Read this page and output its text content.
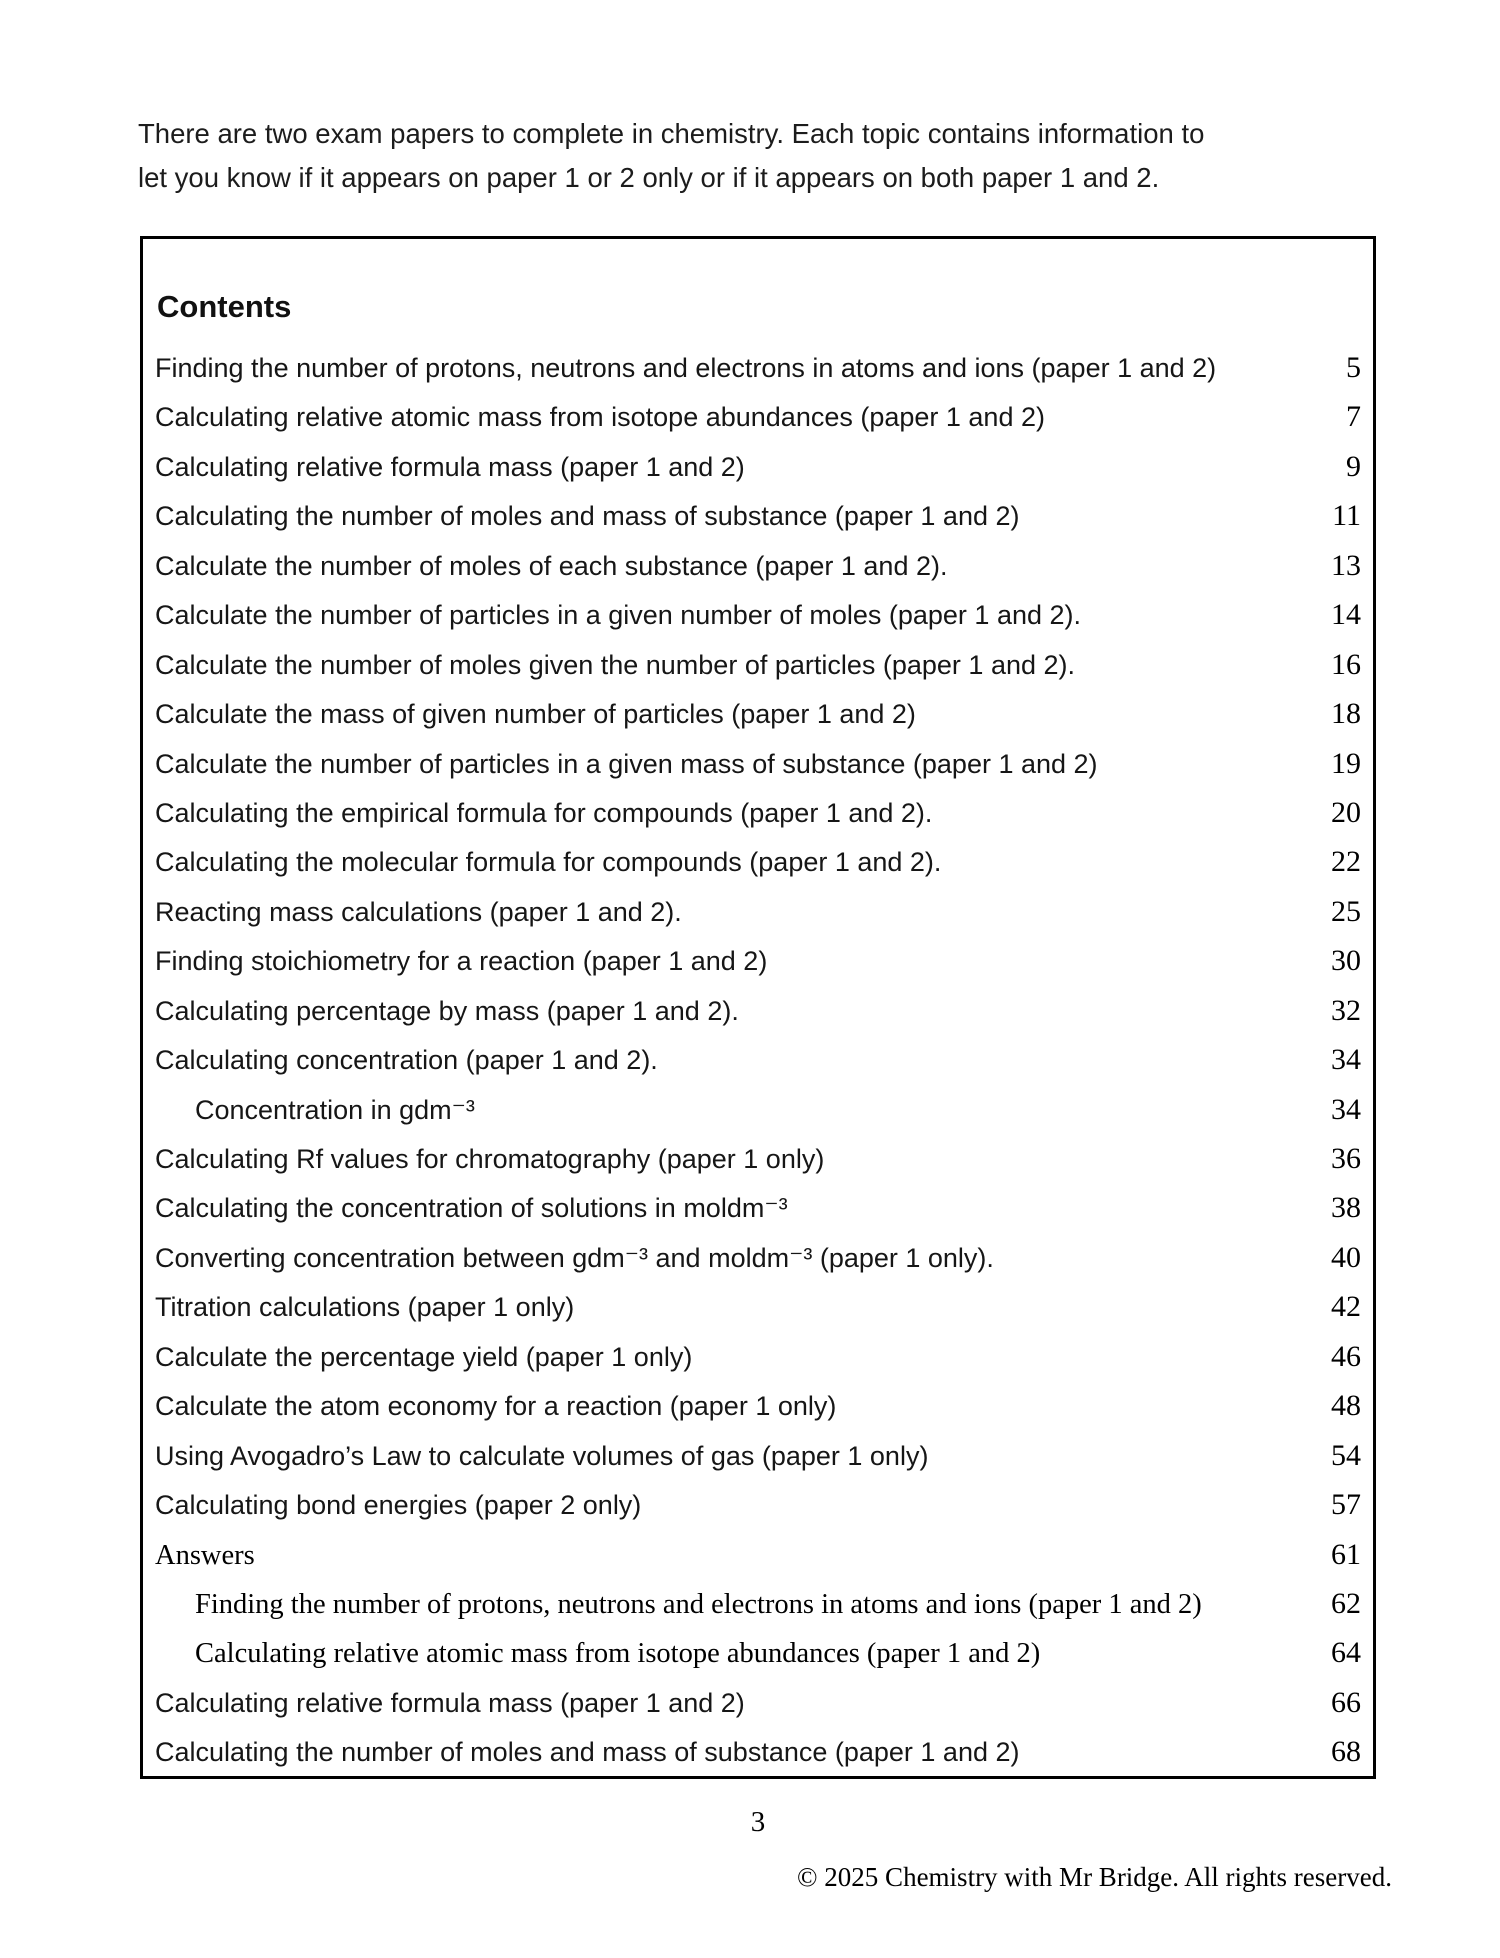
There are two exam papers to complete in chemistry. Each topic contains information to
let you know if it appears on paper 1 or 2 only or if it appears on both paper 1 and 2.
Contents
Finding the number of protons, neutrons and electrons in atoms and ions (paper 1 and 2)	5
Calculating relative atomic mass from isotope abundances (paper 1 and 2)	7
Calculating relative formula mass (paper 1 and 2)	9
Calculating the number of moles and mass of substance (paper 1 and 2)	11
Calculate the number of moles of each substance (paper 1 and 2).	13
Calculate the number of particles in a given number of moles (paper 1 and 2).	14
Calculate the number of moles given the number of particles (paper 1 and 2).	16
Calculate the mass of given number of particles (paper 1 and 2)	18
Calculate the number of particles in a given mass of substance (paper 1 and 2)	19
Calculating the empirical formula for compounds (paper 1 and 2).	20
Calculating the molecular formula for compounds (paper 1 and 2).	22
Reacting mass calculations (paper 1 and 2).	25
Finding stoichiometry for a reaction (paper 1 and 2)	30
Calculating percentage by mass (paper 1 and 2).	32
Calculating concentration (paper 1 and 2).	34
Concentration in gdm⁻³	34
Calculating Rf values for chromatography (paper 1 only)	36
Calculating the concentration of solutions in moldm⁻³	38
Converting concentration between gdm⁻³ and moldm⁻³ (paper 1 only).	40
Titration calculations (paper 1 only)	42
Calculate the percentage yield (paper 1 only)	46
Calculate the atom economy for a reaction (paper 1 only)	48
Using Avogadro’s Law to calculate volumes of gas (paper 1 only)	54
Calculating bond energies (paper 2 only)	57
Answers	61
Finding the number of protons, neutrons and electrons in atoms and ions (paper 1 and 2)	62
Calculating relative atomic mass from isotope abundances (paper 1 and 2)	64
Calculating relative formula mass (paper 1 and 2)	66
Calculating the number of moles and mass of substance (paper 1 and 2)	68
3
© 2025 Chemistry with Mr Bridge. All rights reserved.
